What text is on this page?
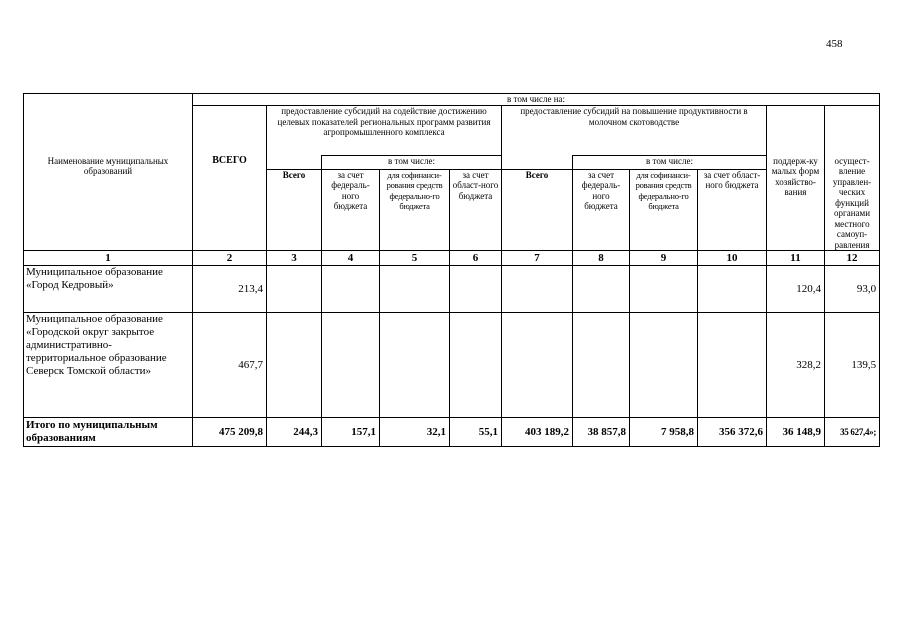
458
	в том числе на:										
		предоставление субсидий на содействие достижению целевых показателей региональных программ развития агропромышленного комплекса				предоставление субсидий на повышение продуктивности в молочном скотоводстве					
Наименование муниципальных образований	ВСЕГО		в том числе:				в том числе:			поддерж-ку малых форм хозяйство-вания	осущест-вление управлен-ческих функций органами местного самоуп-равления
		Всего	за счет федераль-ного бюджета	для софинанси-рования средств федерально-го бюджета	за счет област-ного бюджета	Всего	за счет федераль-ного бюджета	для софинанси-рования средств федерально-го бюджета	за счет област-ного бюджета		
1	2	3	4	5	6	7	8	9	10	11	12
Муниципальное образование «Город Кедровый»	213,4									120,4	93,0
Муниципальное образование «Городской округ закрытое административно-территориальное образование Северск Томской области»	467,7									328,2	139,5
Итого по муниципальным образованиям	475 209,8	244,3	157,1	32,1	55,1	403 189,2	38 857,8	7 958,8	356 372,6	36 148,9	35 627,4»;
